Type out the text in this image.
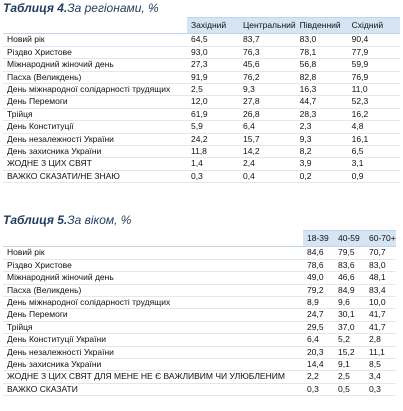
Таблиця 4.За регіонами, %
	Західний	Центральний	Південний	Східний
Новий рік	64,5	83,7	83,0	90,4
Різдво Христове	93,0	76,3	78,1	77,9
Міжнародний жіночий день	27,3	45,6	56,8	59,9
Пасха (Великдень)	91,9	76,2	82,8	76,9
День міжнародної солідарності трудящих	2,5	9,3	16,3	11,0
День Перемоги	12,0	27,8	44,7	52,3
Трійця	61,9	26,8	28,3	16,2
День Конституції	5,9	6,4	2,3	4,8
День незалежності України	24,2	15,7	9,3	16,1
День захисника України	11,8	14,2	8,2	6,5
ЖОДНЕ З ЦИХ СВЯТ	1,4	2,4	3,9	3,1
ВАЖКО СКАЗАТИ/НЕ ЗНАЮ	0,3	0,4	0,2	0,9
Таблиця 5.За віком, %
	18-39	40-59	60-70+
Новий рік	84,6	79,5	70,7
Різдво Христове	78,6	83,6	83,0
Міжнародний жіночий день	49,0	46,6	48,1
Пасха (Великдень)	79,2	84,9	83,4
День міжнародної солідарності трудящих	8,9	9,6	10,0
День Перемоги	24,7	30,1	41,7
Трійця	29,5	37,0	41,7
День Конституції України	6,4	5,2	2,8
День незалежності України	20,3	15,2	11,1
День захисника України	14,4	9,1	8,5
ЖОДНЕ З ЦИХ СВЯТ ДЛЯ МЕНЕ НЕ Є ВАЖЛИВИМ ЧИ УЛЮБЛЕНИМ	2,2	2,5	3,4
ВАЖКО СКАЗАТИ	0,3	0,5	0,3
